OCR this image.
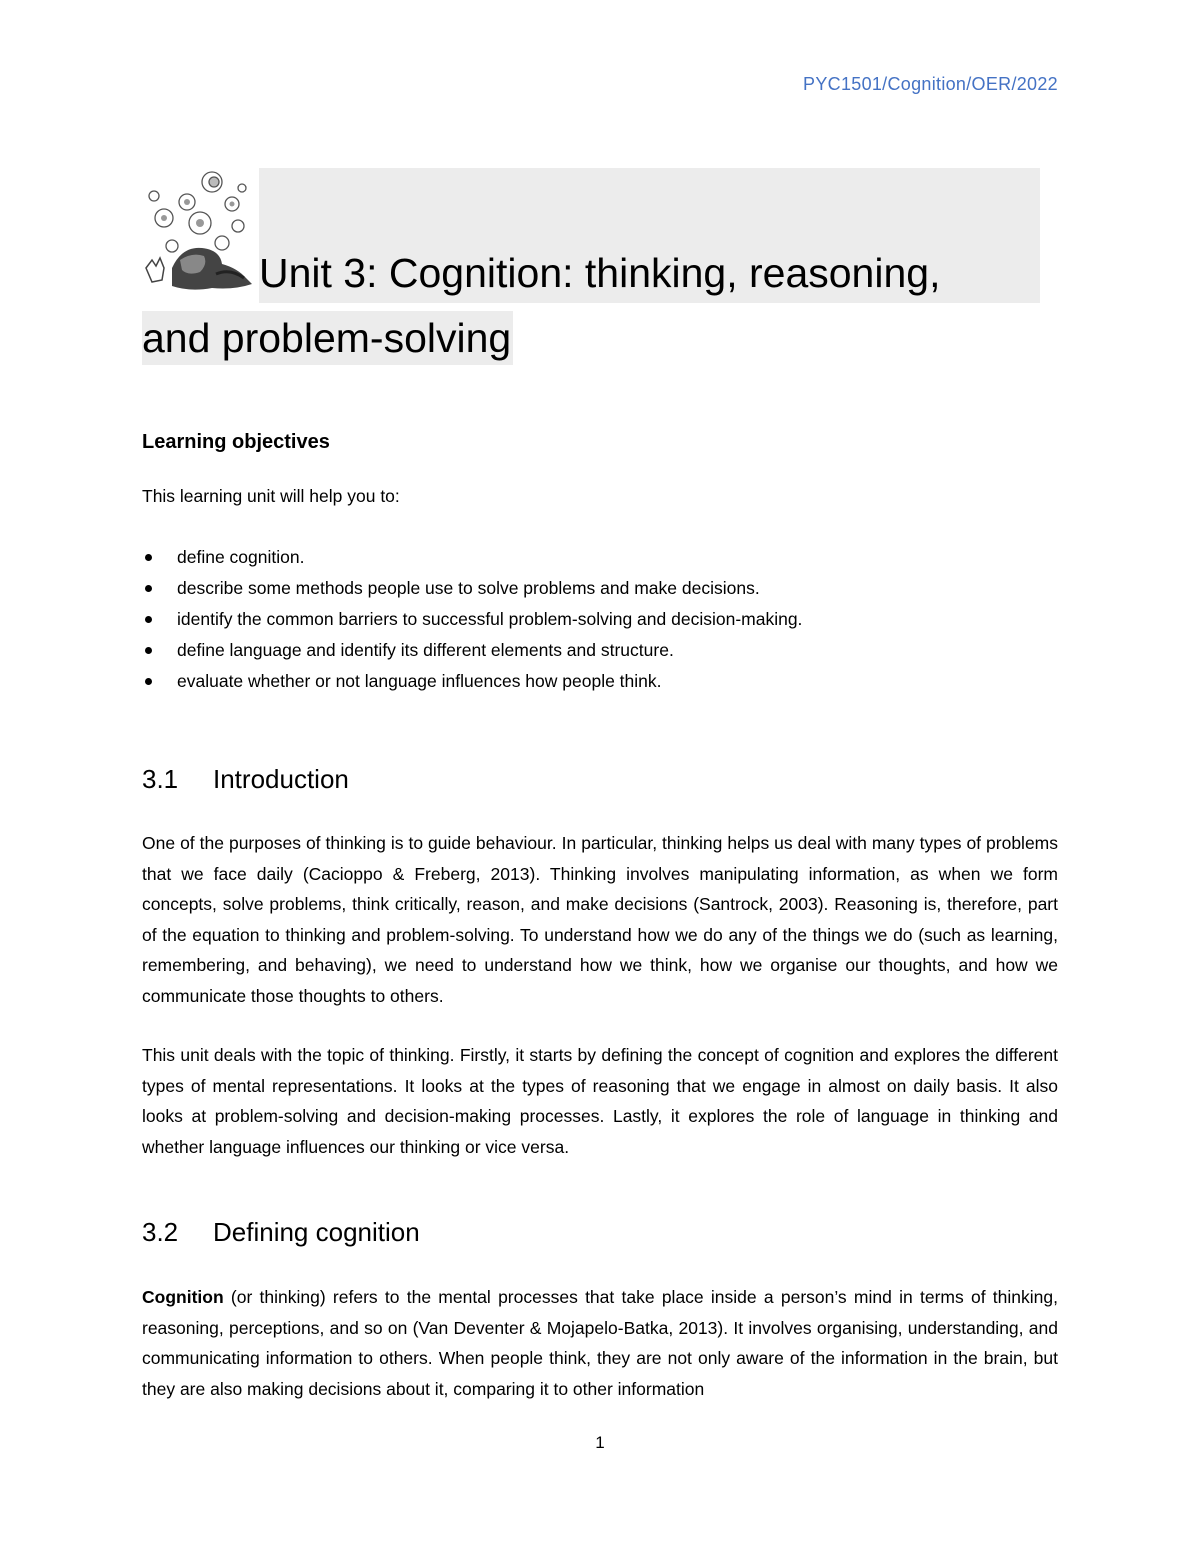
PYC1501/Cognition/OER/2022
Unit 3: Cognition: thinking, reasoning,
and problem-solving
Learning objectives
This learning unit will help you to:
define cognition.
describe some methods people use to solve problems and make decisions.
identify the common barriers to successful problem-solving and decision-making.
define language and identify its different elements and structure.
evaluate whether or not language influences how people think.
3.1 Introduction

One of the purposes of thinking is to guide behaviour. In particular, thinking helps us deal with many types of problems that we face daily (Cacioppo & Freberg, 2013). Thinking involves manipulating information, as when we form concepts, solve problems, think critically, reason, and make decisions (Santrock, 2003). Reasoning is, therefore, part of the equation to thinking and problem-solving. To understand how we do any of the things we do (such as learning, remembering, and behaving), we need to understand how we think, how we organise our thoughts, and how we communicate those thoughts to others.

This unit deals with the topic of thinking. Firstly, it starts by defining the concept of cognition and explores the different types of mental representations. It looks at the types of reasoning that we engage in almost on daily basis. It also looks at problem-solving and decision-making processes. Lastly, it explores the role of language in thinking and whether language influences our thinking or vice versa.

3.2 Defining cognition

Cognition (or thinking) refers to the mental processes that take place inside a person’s mind in terms of thinking, reasoning, perceptions, and so on (Van Deventer & Mojapelo-Batka, 2013). It involves organising, understanding, and communicating information to others. When people think, they are not only aware of the information in the brain, but they are also making decisions about it, comparing it to other information

1
